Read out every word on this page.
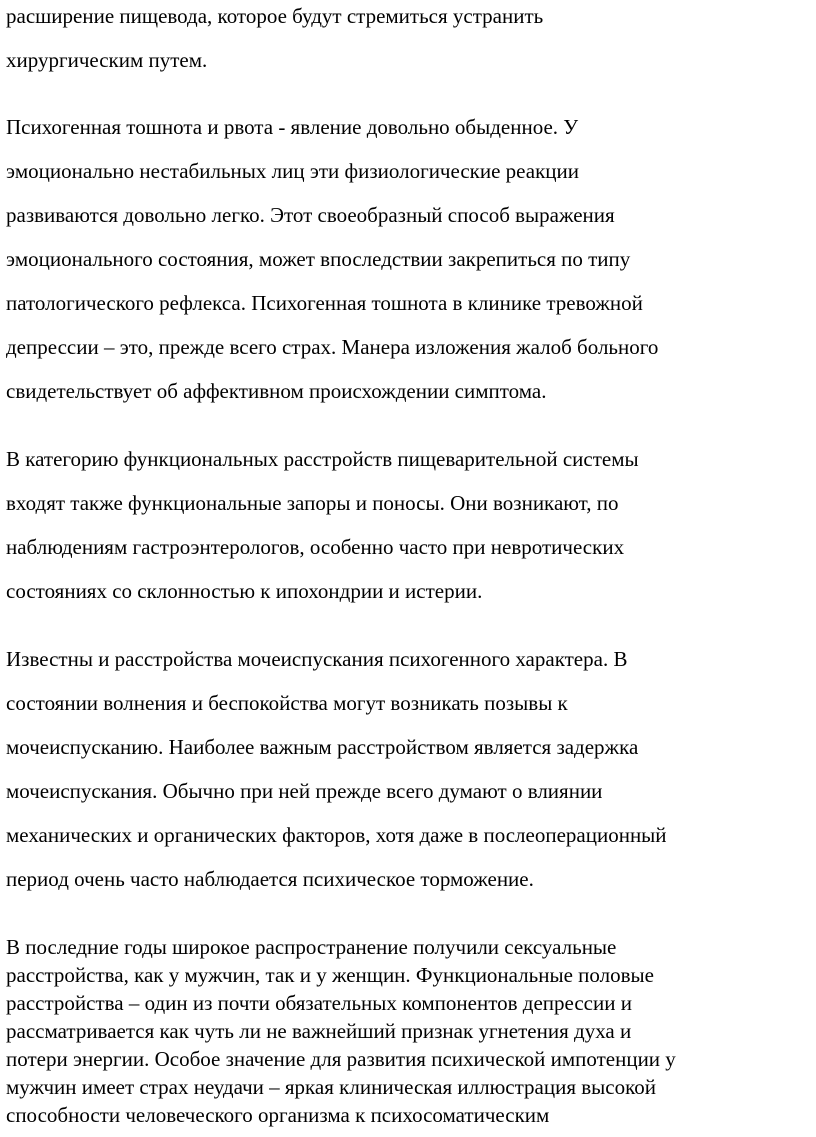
расширение пищевода, которое будут стремиться устранить
хирургическим путем.
Психогенная тошнота и рвота - явление довольно обыденное. У
эмоционально нестабильных лиц эти физиологические реакции
развиваются довольно легко. Этот своеобразный способ выражения
эмоционального состояния, может впоследствии закрепиться по типу
патологического рефлекса. Психогенная тошнота в клинике тревожной
депрессии – это, прежде всего страх. Манера изложения жалоб больного
свидетельствует об аффективном происхождении симптома.
В категорию функциональных расстройств пищеварительной системы
входят также функциональные запоры и поносы. Они возникают, по
наблюдениям гастроэнтерологов, особенно часто при невротических
состояниях со склонностью к ипохондрии и истерии.
Известны и расстройства мочеиспускания психогенного характера. В
состоянии волнения и беспокойства могут возникать позывы к
мочеиспусканию. Наиболее важным расстройством является задержка
мочеиспускания. Обычно при ней прежде всего думают о влиянии
механических и органических факторов, хотя даже в послеоперационный
период очень часто наблюдается психическое торможение.
В последние годы широкое распространение получили сексуальные
расстройства, как у мужчин, так и у женщин. Функциональные половые
расстройства – один из почти обязательных компонентов депрессии и
рассматривается как чуть ли не важнейший признак угнетения духа и
потери энергии. Особое значение для развития психической импотенции у
мужчин имеет страх неудачи – яркая клиническая иллюстрация высокой
способности человеческого организма к психосоматическим
